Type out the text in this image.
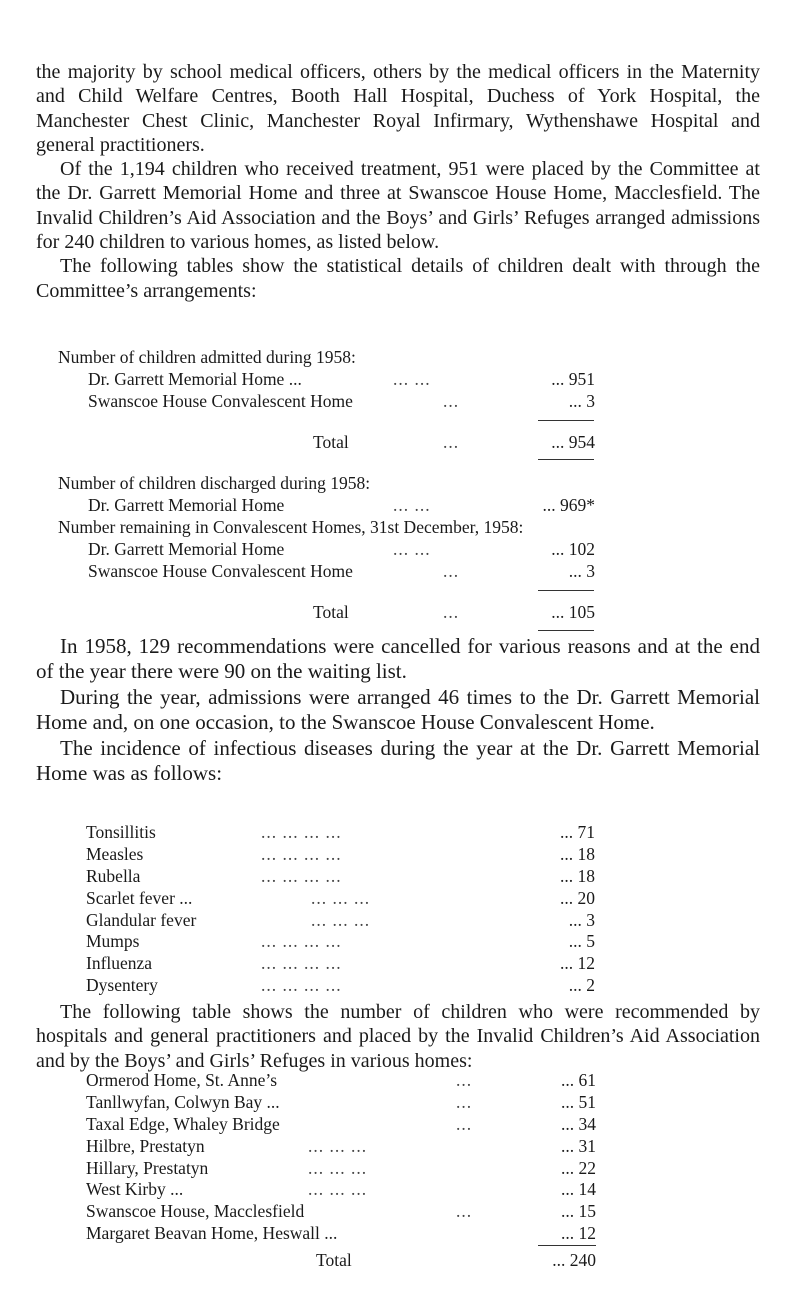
the majority by school medical officers, others by the medical officers in the Maternity and Child Welfare Centres, Booth Hall Hospital, Duchess of York Hospital, the Manchester Chest Clinic, Manchester Royal Infirmary, Wythenshawe Hospital and general practitioners.

Of the 1,194 children who received treatment, 951 were placed by the Committee at the Dr. Garrett Memorial Home and three at Swanscoe House Home, Macclesfield. The Invalid Children’s Aid Association and the Boys’ and Girls’ Refuges arranged admissions for 240 children to various homes, as listed below.

The following tables show the statistical details of children dealt with through the Committee’s arrangements:

Number of children admitted during 1958:
Dr. Garrett Memorial Home ...	... ...	... 951
Swanscoe House Convalescent Home	...	... 3
Total	...	... 954
Number of children discharged during 1958:
Dr. Garrett Memorial Home	... ...	... 969*
Number remaining in Convalescent Homes, 31st December, 1958:
Dr. Garrett Memorial Home	... ...	... 102
Swanscoe House Convalescent Home	...	... 3
Total	...	... 105

In 1958, 129 recommendations were cancelled for various reasons and at the end of the year there were 90 on the waiting list.

During the year, admissions were arranged 46 times to the Dr. Garrett Memorial Home and, on one occasion, to the Swanscoe House Convalescent Home.

The incidence of infectious diseases during the year at the Dr. Garrett Memorial Home was as follows:

Tonsillitis	... ... ... ...	... 71
Measles	... ... ... ...	... 18
Rubella	... ... ... ...	... 18
Scarlet fever ...	... ... ...	... 20
Glandular fever	... ... ...	... 3
Mumps	... ... ... ...	... 5
Influenza	... ... ... ...	... 12
Dysentery	... ... ... ...	... 2

The following table shows the number of children who were recommended by hospitals and general practitioners and placed by the Invalid Children’s Aid Association and by the Boys’ and Girls’ Refuges in various homes:

Ormerod Home, St. Anne’s	...	... 61
Tanllwyfan, Colwyn Bay ...	...	... 51
Taxal Edge, Whaley Bridge	...	... 34
Hilbre, Prestatyn	... ... ...	... 31
Hillary, Prestatyn	... ... ...	... 22
West Kirby ...	... ... ...	... 14
Swanscoe House, Macclesfield	...	... 15
Margaret Beavan Home, Heswall ...	... 12
Total	... 240
